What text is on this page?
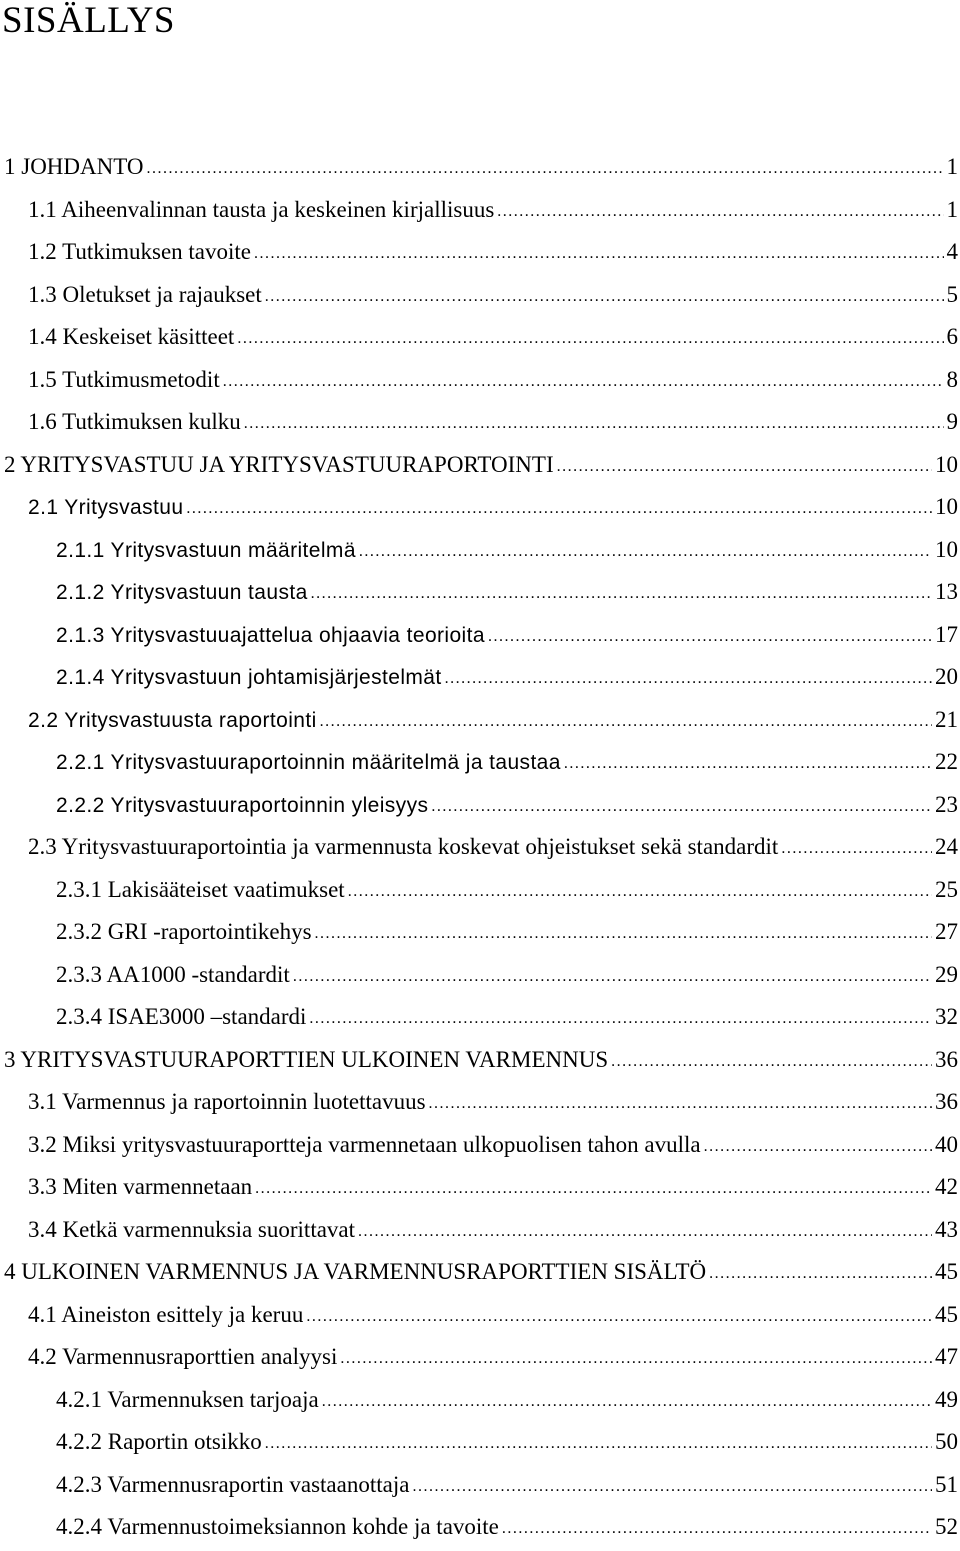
SISÄLLYS
1 JOHDANTO .....	1
1.1 Aiheenvalinnan tausta ja keskeinen kirjallisuus .....	1
1.2 Tutkimuksen tavoite .....	4
1.3 Oletukset ja rajaukset .....	5
1.4 Keskeiset käsitteet .....	6
1.5 Tutkimusmetodit .....	8
1.6 Tutkimuksen kulku .....	9
2 YRITYSVASTUU JA YRITYSVASTUURAPORTOINTI .....	10
2.1 Yritysvastuu .....	10
2.1.1 Yritysvastuun määritelmä .....	10
2.1.2 Yritysvastuun tausta .....	13
2.1.3 Yritysvastuuajattelua ohjaavia teorioita .....	17
2.1.4 Yritysvastuun johtamisjärjestelmät .....	20
2.2 Yritysvastuusta raportointi .....	21
2.2.1 Yritysvastuuraportoinnin määritelmä ja taustaa .....	22
2.2.2 Yritysvastuuraportoinnin yleisyys .....	23
2.3 Yritysvastuuraportointia ja varmennusta koskevat ohjeistukset sekä standardit .....	24
2.3.1 Lakisääteiset vaatimukset .....	25
2.3.2 GRI -raportointikehys .....	27
2.3.3 AA1000 -standardit .....	29
2.3.4 ISAE3000 –standardi .....	32
3 YRITYSVASTUURAPORTTIEN ULKOINEN VARMENNUS .....	36
3.1 Varmennus ja raportoinnin luotettavuus .....	36
3.2 Miksi yritysvastuuraportteja varmennetaan ulkopuolisen tahon avulla .....	40
3.3 Miten varmennetaan .....	42
3.4 Ketkä varmennuksia suorittavat .....	43
4 ULKOINEN VARMENNUS JA VARMENNUSRAPORTTIEN SISÄLTÖ .....	45
4.1 Aineiston esittely ja keruu .....	45
4.2 Varmennusraporttien analyysi .....	47
4.2.1 Varmennuksen tarjoaja .....	49
4.2.2 Raportin otsikko .....	50
4.2.3 Varmennusraportin vastaanottaja .....	51
4.2.4 Varmennustoimeksiannon kohde ja tavoite .....	52
